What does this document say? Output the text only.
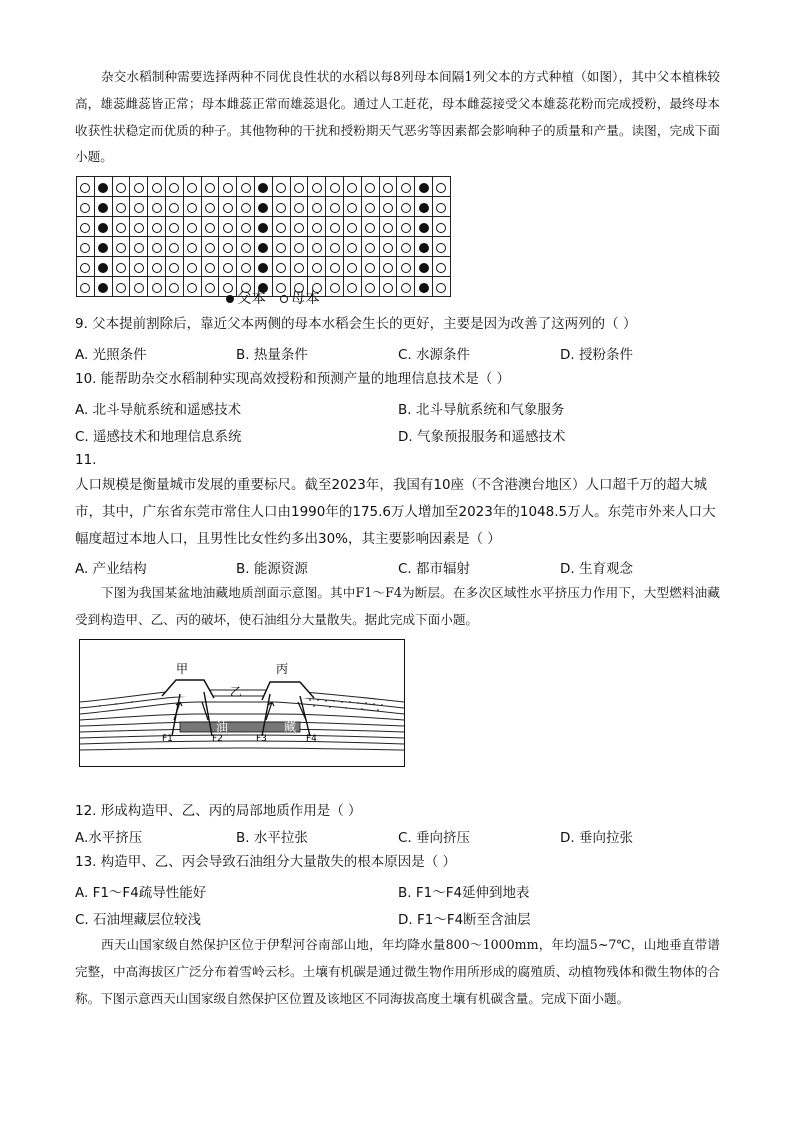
杂交水稻制种需要选择两种不同优良性状的水稻以每8列母本间隔1列父本的方式种植（如图），其中父本植株较高，雄蕊雌蕊皆正常；母本雌蕊正常而雄蕊退化。通过人工赶花，母本雌蕊接受父本雄蕊花粉而完成授粉，最终母本收获性状稳定而优质的种子。其他物种的干扰和授粉期天气恶劣等因素都会影响种子的质量和产量。读图，完成下面小题。

父本 母本
9. 父本提前割除后，靠近父本两侧的母本水稻会生长的更好，主要是因为改善了这两列的（ ）
A. 光照条件	B. 热量条件	C. 水源条件	D. 授粉条件
10. 能帮助杂交水稻制种实现高效授粉和预测产量的地理信息技术是（ ）
A. 北斗导航系统和遥感技术	B. 北斗导航系统和气象服务
C. 遥感技术和地理信息系统	D. 气象预报服务和遥感技术
11.
人口规模是衡量城市发展的重要标尺。截至2023年，我国有10座（不含港澳台地区）人口超千万的超大城市，其中，广东省东莞市常住人口由1990年的175.6万人增加至2023年的1048.5万人。东莞市外来人口大幅度超过本地人口，且男性比女性约多出30%，其主要影响因素是（ ）
A. 产业结构	B. 能源资源	C. 都市辐射	D. 生育观念
下图为我国某盆地油藏地质剖面示意图。其中F1～F4为断层。在多次区域性水平挤压力作用下，大型燃料油藏受到构造甲、乙、丙的破坏，使石油组分大量散失。据此完成下面小题。
甲
乙
丙
油	藏
F1	F2	F3	F4
12. 形成构造甲、乙、丙的局部地质作用是（ ）
A.水平挤压	B. 水平拉张	C. 垂向挤压	D. 垂向拉张
13. 构造甲、乙、丙会导致石油组分大量散失的根本原因是（ ）
A. F1～F4疏导性能好	B. F1～F4延伸到地表
C. 石油埋藏层位较浅	D. F1～F4断至含油层
西天山国家级自然保护区位于伊犁河谷南部山地，年均降水量800～1000mm，年均温5~7℃，山地垂直带谱完整，中高海拔区广泛分布着雪岭云杉。土壤有机碳是通过微生物作用所形成的腐殖质、动植物残体和微生物体的合称。下图示意西天山国家级自然保护区位置及该地区不同海拔高度土壤有机碳含量。完成下面小题。
